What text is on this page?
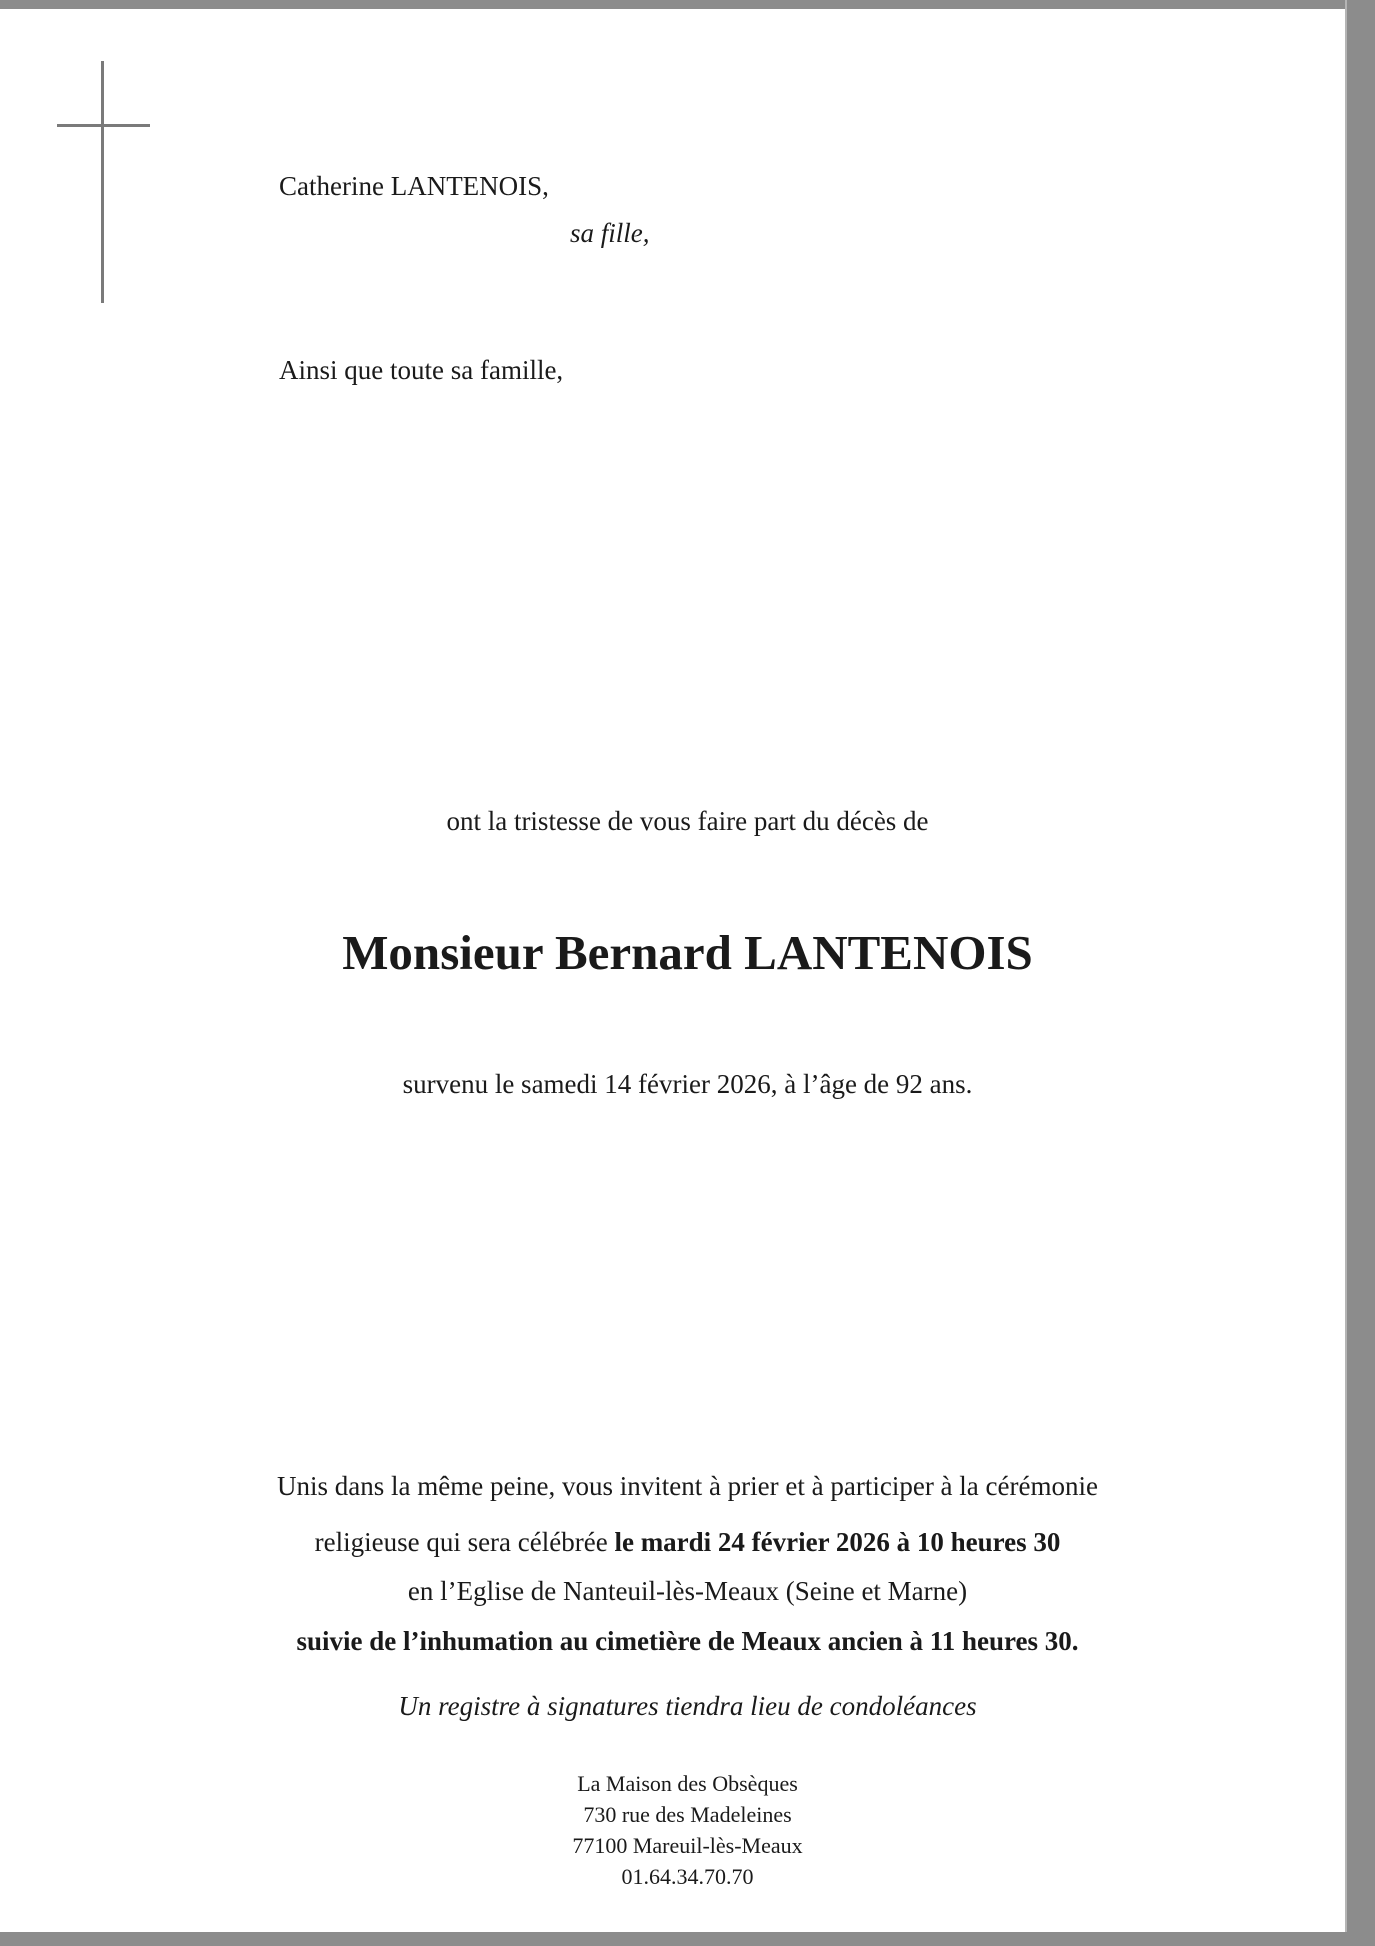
Catherine LANTENOIS,
sa fille,
Ainsi que toute sa famille,
ont la tristesse de vous faire part du décès de
Monsieur Bernard LANTENOIS
survenu le samedi 14 février 2026, à l’âge de 92 ans.
Unis dans la même peine, vous invitent à prier et à participer à la cérémonie
religieuse qui sera célébrée le mardi 24 février 2026 à 10 heures 30
en l’Eglise de Nanteuil-lès-Meaux (Seine et Marne)
suivie de l’inhumation au cimetière de Meaux ancien à 11 heures 30.
Un registre à signatures tiendra lieu de condoléances
La Maison des Obsèques
730 rue des Madeleines
77100 Mareuil-lès-Meaux
01.64.34.70.70
